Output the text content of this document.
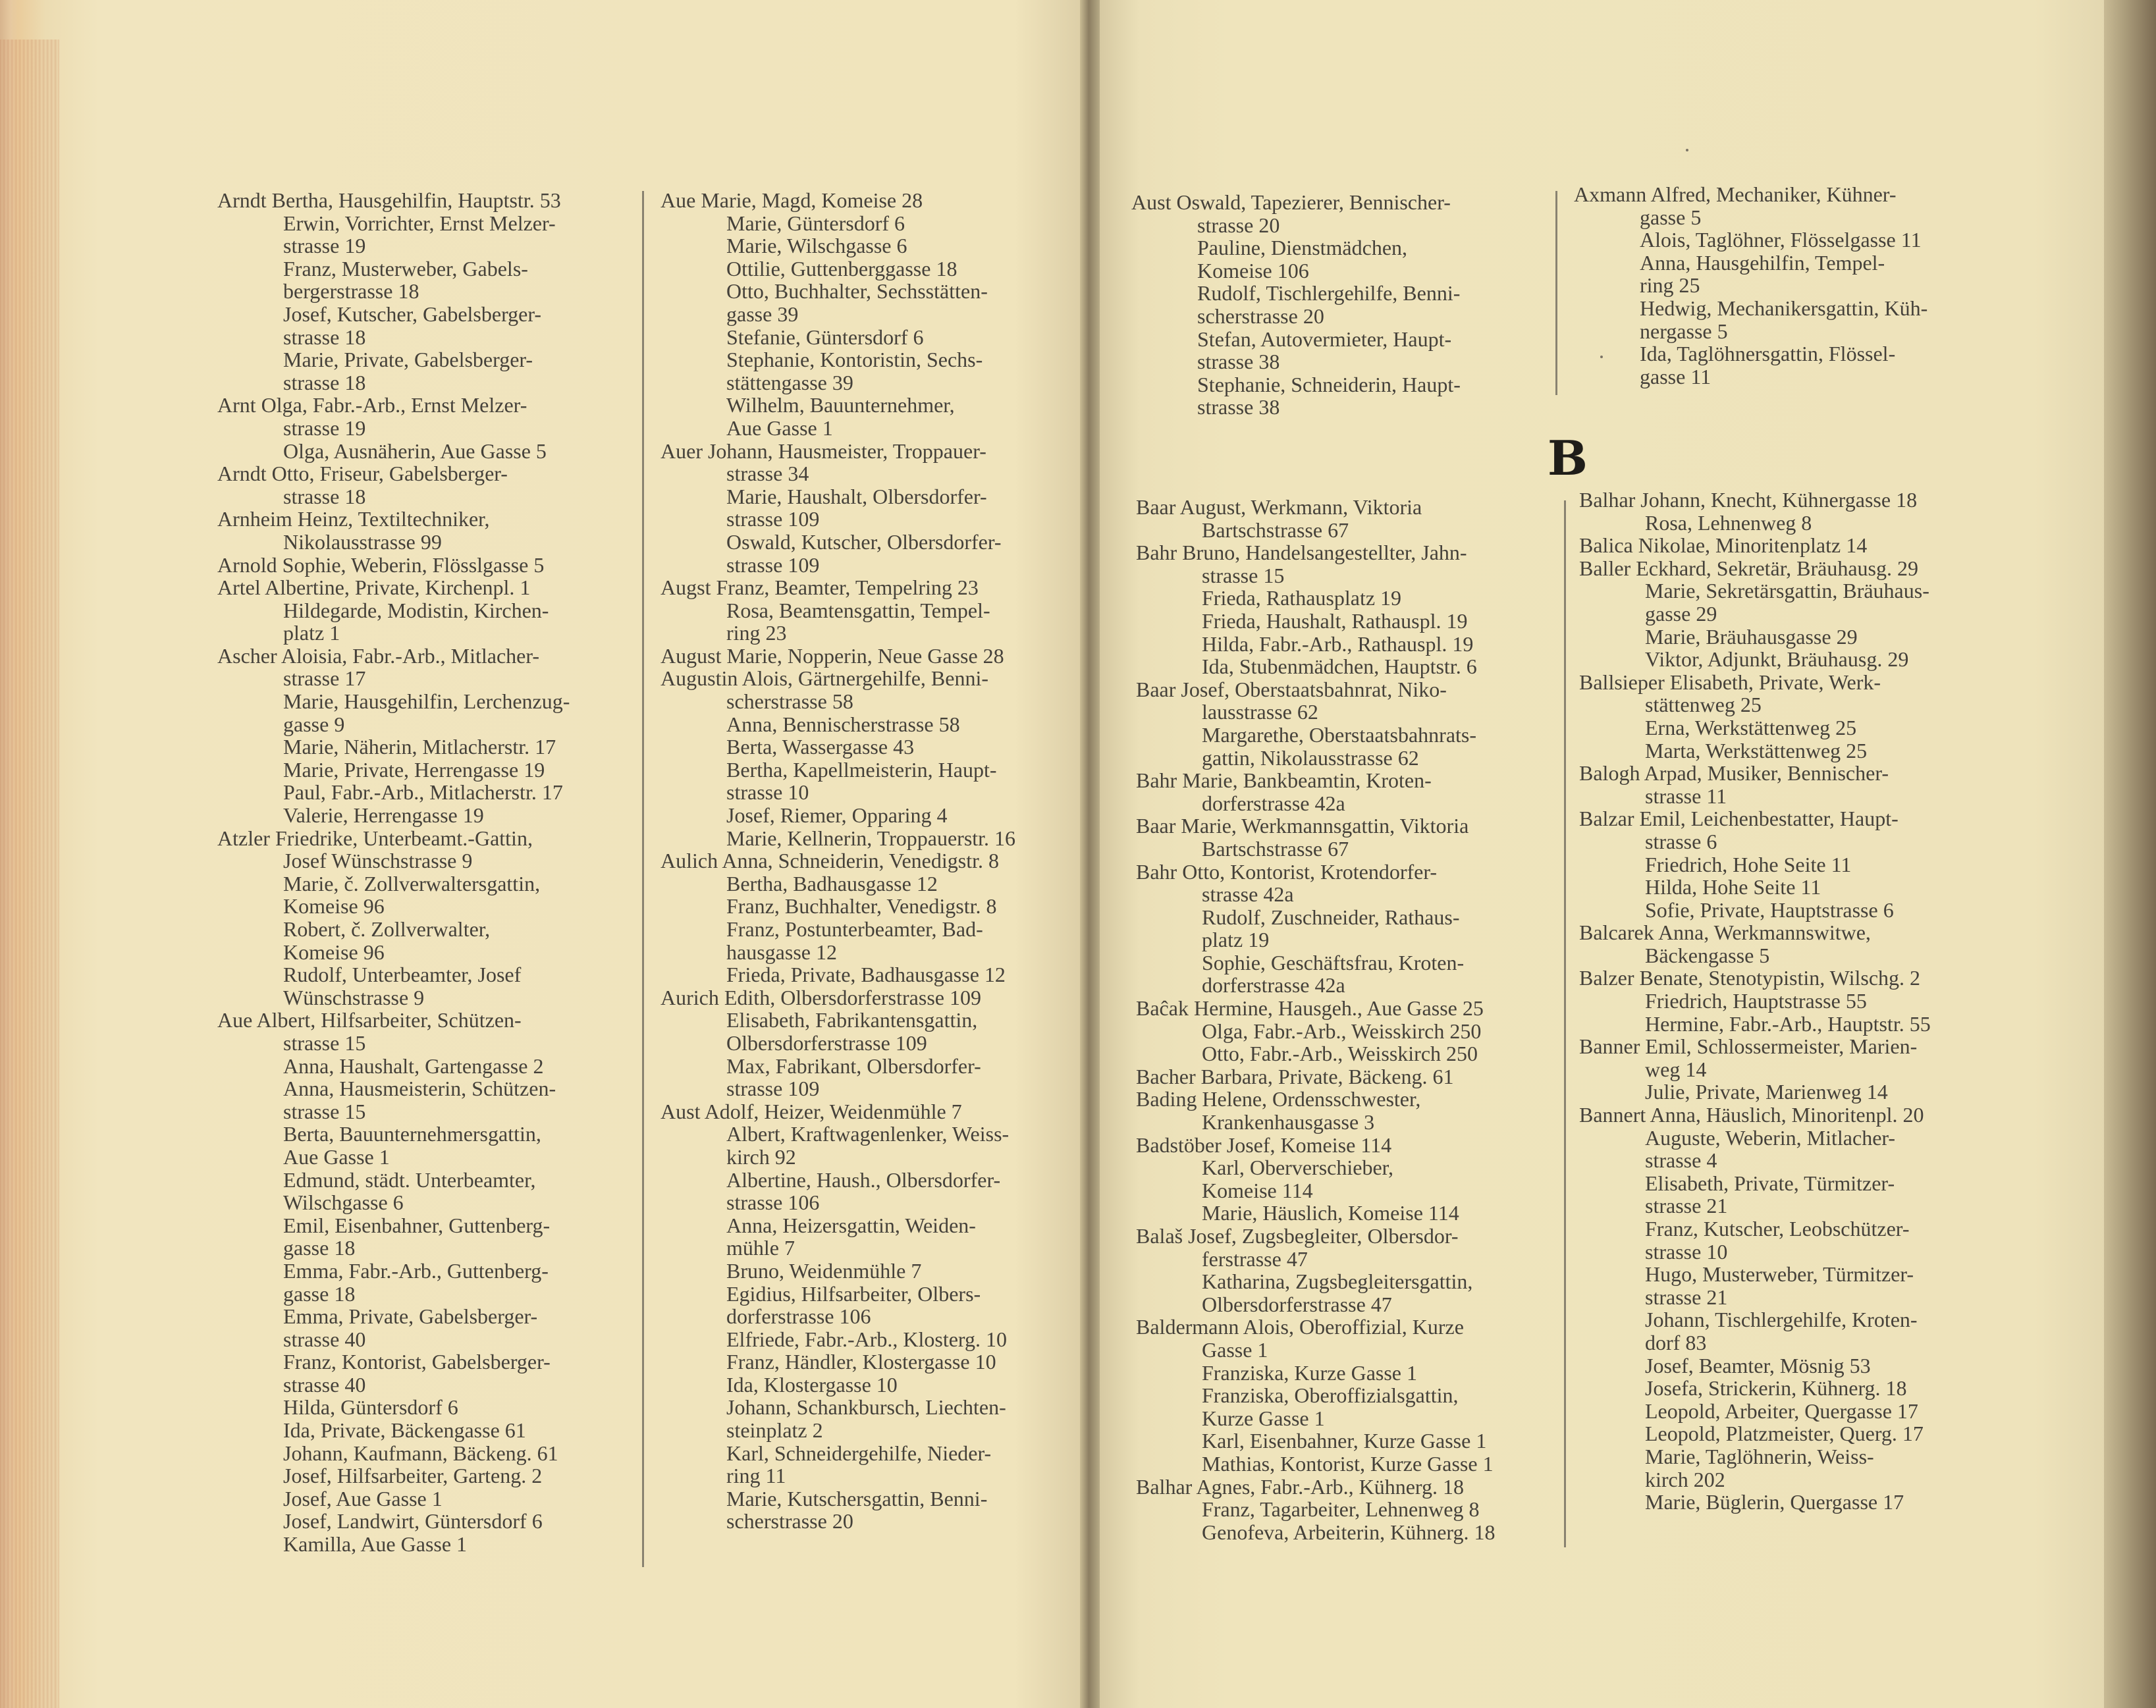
Arndt Bertha, Hausgehilfin, Hauptstr. 53
Erwin, Vorrichter, Ernst Melzer-
strasse 19
Franz, Musterweber, Gabels-
bergerstrasse 18
Josef, Kutscher, Gabelsberger-
strasse 18
Marie, Private, Gabelsberger-
strasse 18
Arnt Olga, Fabr.-Arb., Ernst Melzer-
strasse 19
Olga, Ausnäherin, Aue Gasse 5
Arndt Otto, Friseur, Gabelsberger-
strasse 18
Arnheim Heinz, Textiltechniker,
Nikolausstrasse 99
Arnold Sophie, Weberin, Flösslgasse 5
Artel Albertine, Private, Kirchenpl. 1
Hildegarde, Modistin, Kirchen-
platz 1
Ascher Aloisia, Fabr.-Arb., Mitlacher-
strasse 17
Marie, Hausgehilfin, Lerchenzug-
gasse 9
Marie, Näherin, Mitlacherstr. 17
Marie, Private, Herrengasse 19
Paul, Fabr.-Arb., Mitlacherstr. 17
Valerie, Herrengasse 19
Atzler Friedrike, Unterbeamt.-Gattin,
Josef Wünschstrasse 9
Marie, č. Zollverwaltersgattin,
Komeise 96
Robert, č. Zollverwalter,
Komeise 96
Rudolf, Unterbeamter, Josef
Wünschstrasse 9
Aue Albert, Hilfsarbeiter, Schützen-
strasse 15
Anna, Haushalt, Gartengasse 2
Anna, Hausmeisterin, Schützen-
strasse 15
Berta, Bauunternehmersgattin,
Aue Gasse 1
Edmund, städt. Unterbeamter,
Wilschgasse 6
Emil, Eisenbahner, Guttenberg-
gasse 18
Emma, Fabr.-Arb., Guttenberg-
gasse 18
Emma, Private, Gabelsberger-
strasse 40
Franz, Kontorist, Gabelsberger-
strasse 40
Hilda, Güntersdorf 6
Ida, Private, Bäckengasse 61
Johann, Kaufmann, Bäckeng. 61
Josef, Hilfsarbeiter, Garteng. 2
Josef, Aue Gasse 1
Josef, Landwirt, Güntersdorf 6
Kamilla, Aue Gasse 1
Aue Marie, Magd, Komeise 28
Marie, Güntersdorf 6
Marie, Wilschgasse 6
Ottilie, Guttenberggasse 18
Otto, Buchhalter, Sechsstätten-
gasse 39
Stefanie, Güntersdorf 6
Stephanie, Kontoristin, Sechs-
stättengasse 39
Wilhelm, Bauunternehmer,
Aue Gasse 1
Auer Johann, Hausmeister, Troppauer-
strasse 34
Marie, Haushalt, Olbersdorfer-
strasse 109
Oswald, Kutscher, Olbersdorfer-
strasse 109
Augst Franz, Beamter, Tempelring 23
Rosa, Beamtensgattin, Tempel-
ring 23
August Marie, Nopperin, Neue Gasse 28
Augustin Alois, Gärtnergehilfe, Benni-
scherstrasse 58
Anna, Bennischerstrasse 58
Berta, Wassergasse 43
Bertha, Kapellmeisterin, Haupt-
strasse 10
Josef, Riemer, Opparing 4
Marie, Kellnerin, Troppauerstr. 16
Aulich Anna, Schneiderin, Venedigstr. 8
Bertha, Badhausgasse 12
Franz, Buchhalter, Venedigstr. 8
Franz, Postunterbeamter, Bad-
hausgasse 12
Frieda, Private, Badhausgasse 12
Aurich Edith, Olbersdorferstrasse 109
Elisabeth, Fabrikantensgattin,
Olbersdorferstrasse 109
Max, Fabrikant, Olbersdorfer-
strasse 109
Aust Adolf, Heizer, Weidenmühle 7
Albert, Kraftwagenlenker, Weiss-
kirch 92
Albertine, Haush., Olbersdorfer-
strasse 106
Anna, Heizersgattin, Weiden-
mühle 7
Bruno, Weidenmühle 7
Egidius, Hilfsarbeiter, Olbers-
dorferstrasse 106
Elfriede, Fabr.-Arb., Klosterg. 10
Franz, Händler, Klostergasse 10
Ida, Klostergasse 10
Johann, Schankbursch, Liechten-
steinplatz 2
Karl, Schneidergehilfe, Nieder-
ring 11
Marie, Kutschersgattin, Benni-
scherstrasse 20
Aust Oswald, Tapezierer, Bennischer-
strasse 20
Pauline, Dienstmädchen,
Komeise 106
Rudolf, Tischlergehilfe, Benni-
scherstrasse 20
Stefan, Autovermieter, Haupt-
strasse 38
Stephanie, Schneiderin, Haupt-
strasse 38
Axmann Alfred, Mechaniker, Kühner-
gasse 5
Alois, Taglöhner, Flösselgasse 11
Anna, Hausgehilfin, Tempel-
ring 25
Hedwig, Mechanikersgattin, Küh-
nergasse 5
Ida, Taglöhnersgattin, Flössel-
gasse 11
B
Baar August, Werkmann, Viktoria
Bartschstrasse 67
Bahr Bruno, Handelsangestellter, Jahn-
strasse 15
Frieda, Rathausplatz 19
Frieda, Haushalt, Rathauspl. 19
Hilda, Fabr.-Arb., Rathauspl. 19
Ida, Stubenmädchen, Hauptstr. 6
Baar Josef, Oberstaatsbahnrat, Niko-
lausstrasse 62
Margarethe, Oberstaatsbahnrats-
gattin, Nikolausstrasse 62
Bahr Marie, Bankbeamtin, Kroten-
dorferstrasse 42a
Baar Marie, Werkmannsgattin, Viktoria
Bartschstrasse 67
Bahr Otto, Kontorist, Krotendorfer-
strasse 42a
Rudolf, Zuschneider, Rathaus-
platz 19
Sophie, Geschäftsfrau, Kroten-
dorferstrasse 42a
Baĉak Hermine, Hausgeh., Aue Gasse 25
Olga, Fabr.-Arb., Weisskirch 250
Otto, Fabr.-Arb., Weisskirch 250
Bacher Barbara, Private, Bäckeng. 61
Bading Helene, Ordensschwester,
Krankenhausgasse 3
Badstöber Josef, Komeise 114
Karl, Oberverschieber,
Komeise 114
Marie, Häuslich, Komeise 114
Balaš Josef, Zugsbegleiter, Olbersdor-
ferstrasse 47
Katharina, Zugsbegleitersgattin,
Olbersdorferstrasse 47
Baldermann Alois, Oberoffizial, Kurze
Gasse 1
Franziska, Kurze Gasse 1
Franziska, Oberoffizialsgattin,
Kurze Gasse 1
Karl, Eisenbahner, Kurze Gasse 1
Mathias, Kontorist, Kurze Gasse 1
Balhar Agnes, Fabr.-Arb., Kühnerg. 18
Franz, Tagarbeiter, Lehnenweg 8
Genofeva, Arbeiterin, Kühnerg. 18
Balhar Johann, Knecht, Kühnergasse 18
Rosa, Lehnenweg 8
Balica Nikolae, Minoritenplatz 14
Baller Eckhard, Sekretär, Bräuhausg. 29
Marie, Sekretärsgattin, Bräuhaus-
gasse 29
Marie, Bräuhausgasse 29
Viktor, Adjunkt, Bräuhausg. 29
Ballsieper Elisabeth, Private, Werk-
stättenweg 25
Erna, Werkstättenweg 25
Marta, Werkstättenweg 25
Balogh Arpad, Musiker, Bennischer-
strasse 11
Balzar Emil, Leichenbestatter, Haupt-
strasse 6
Friedrich, Hohe Seite 11
Hilda, Hohe Seite 11
Sofie, Private, Hauptstrasse 6
Balcarek Anna, Werkmannswitwe,
Bäckengasse 5
Balzer Benate, Stenotypistin, Wilschg. 2
Friedrich, Hauptstrasse 55
Hermine, Fabr.-Arb., Hauptstr. 55
Banner Emil, Schlossermeister, Marien-
weg 14
Julie, Private, Marienweg 14
Bannert Anna, Häuslich, Minoritenpl. 20
Auguste, Weberin, Mitlacher-
strasse 4
Elisabeth, Private, Türmitzer-
strasse 21
Franz, Kutscher, Leobschützer-
strasse 10
Hugo, Musterweber, Türmitzer-
strasse 21
Johann, Tischlergehilfe, Kroten-
dorf 83
Josef, Beamter, Mösnig 53
Josefa, Strickerin, Kühnerg. 18
Leopold, Arbeiter, Quergasse 17
Leopold, Platzmeister, Querg. 17
Marie, Taglöhnerin, Weiss-
kirch 202
Marie, Büglerin, Quergasse 17
